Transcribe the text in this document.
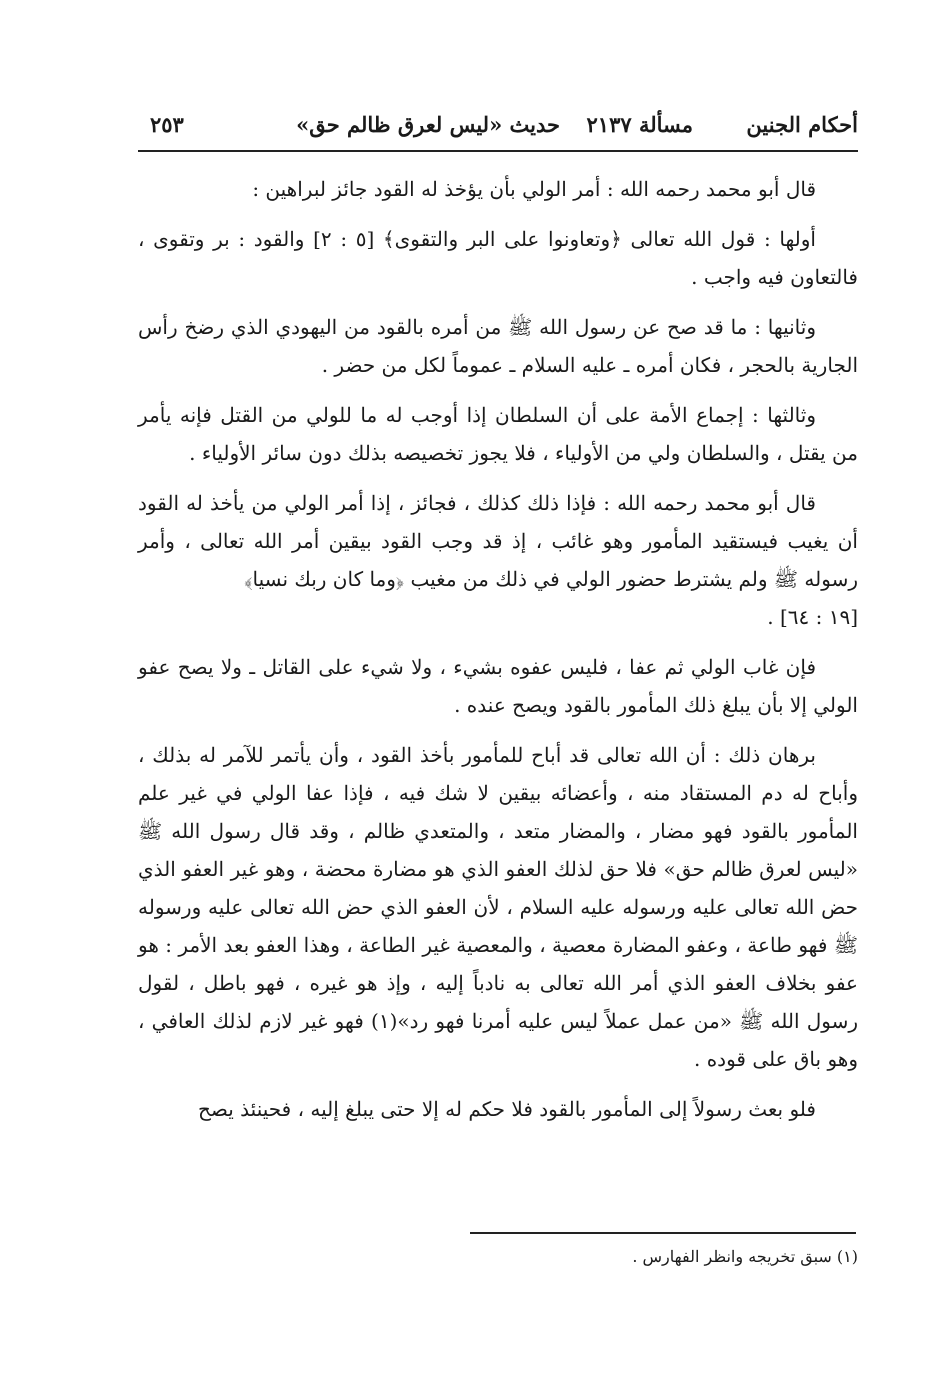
أحكام الجنين
مسألة ٢١٣٧
حديث «ليس لعرق ظالم حق»
٢٥٣

قال أبو محمد رحمه الله : أمر الولي بأن يؤخذ له القود جائز لبراهين :

أولها : قول الله تعالى ﴿وتعاونوا على البر والتقوى﴾ [٥ : ٢] والقود : بر وتقوى ، فالتعاون فيه واجب .

وثانيها : ما قد صح عن رسول الله ﷺ من أمره بالقود من اليهودي الذي رضخ رأس الجارية بالحجر ، فكان أمره ـ عليه السلام ـ عموماً لكل من حضر .

وثالثها : إجماع الأمة على أن السلطان إذا أوجب له ما للولي من القتل فإنه يأمر من يقتل ، والسلطان ولي من الأولياء ، فلا يجوز تخصيصه بذلك دون سائر الأولياء .

قال أبو محمد رحمه الله : فإذا ذلك كذلك ، فجائز ، إذا أمر الولي من يأخذ له القود أن يغيب فيستقيد المأمور وهو غائب ، إذ قد وجب القود بيقين أمر الله تعالى ، وأمر رسوله ﷺ ولم يشترط حضور الولي في ذلك من مغيب ﴿وما كان ربك نسيا﴾

[١٩ : ٦٤] .

فإن غاب الولي ثم عفا ، فليس عفوه بشيء ، ولا شيء على القاتل ـ ولا يصح عفو الولي إلا بأن يبلغ ذلك المأمور بالقود ويصح عنده .

برهان ذلك : أن الله تعالى قد أباح للمأمور بأخذ القود ، وأن يأتمر للآمر له بذلك ، وأباح له دم المستقاد منه ، وأعضائه بيقين لا شك فيه ، فإذا عفا الولي في غير علم المأمور بالقود فهو مضار ، والمضار متعد ، والمتعدي ظالم ، وقد قال رسول الله ﷺ «ليس لعرق ظالم حق» فلا حق لذلك العفو الذي هو مضارة محضة ، وهو غير العفو الذي حض الله تعالى عليه ورسوله عليه السلام ، لأن العفو الذي حض الله تعالى عليه ورسوله ﷺ فهو طاعة ، وعفو المضارة معصية ، والمعصية غير الطاعة ، وهذا العفو بعد الأمر : هو عفو بخلاف العفو الذي أمر الله تعالى به نادباً إليه ، وإذ هو غيره ، فهو باطل ، لقول رسول الله ﷺ «من عمل عملاً ليس عليه أمرنا فهو رد»(١) فهو غير لازم لذلك العافي ، وهو باق على قوده .

فلو بعث رسولاً إلى المأمور بالقود فلا حكم له إلا حتى يبلغ إليه ، فحينئذ يصح

(١) سبق تخريجه وانظر الفهارس .
